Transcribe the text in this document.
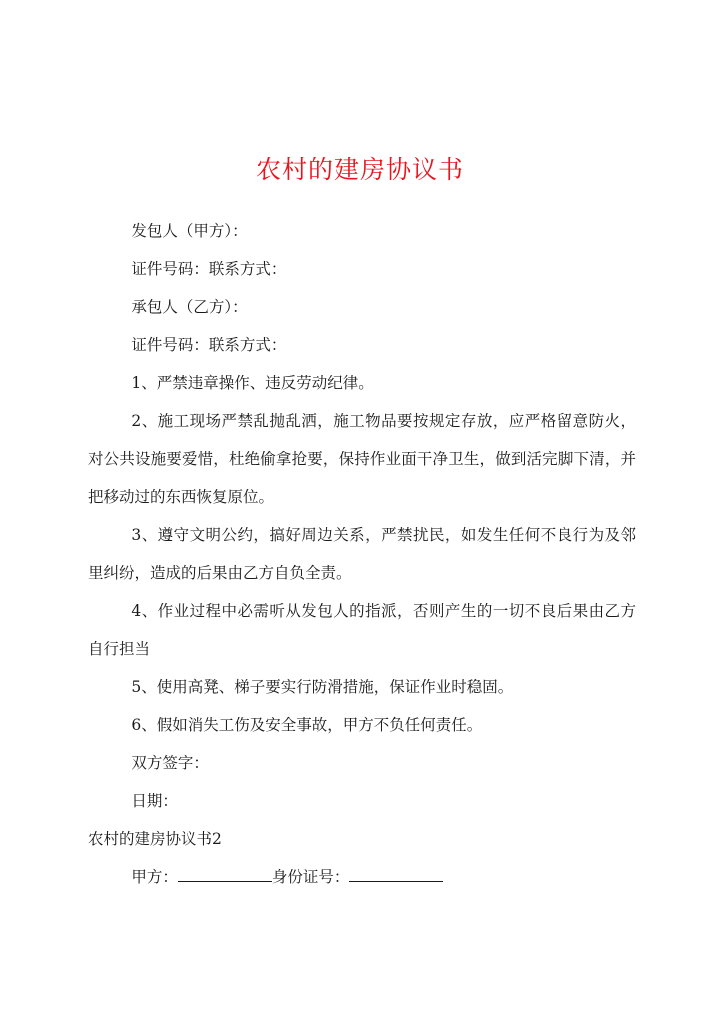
农村的建房协议书

发包人（甲方）：

证件号码：联系方式：

承包人（乙方）：

证件号码：联系方式：

1、严禁违章操作、违反劳动纪律。

2、施工现场严禁乱抛乱洒，施工物品要按规定存放，应严格留意防火，对公共设施要爱惜，杜绝偷拿抢要，保持作业面干净卫生，做到活完脚下清，并把移动过的东西恢复原位。

3、遵守文明公约，搞好周边关系，严禁扰民，如发生任何不良行为及邻里纠纷，造成的后果由乙方自负全责。

4、作业过程中必需听从发包人的指派，否则产生的一切不良后果由乙方自行担当

5、使用高凳、梯子要实行防滑措施，保证作业时稳固。

6、假如消失工伤及安全事故，甲方不负任何责任。

双方签字：

日期：

农村的建房协议书2

甲方：	身份证号：
